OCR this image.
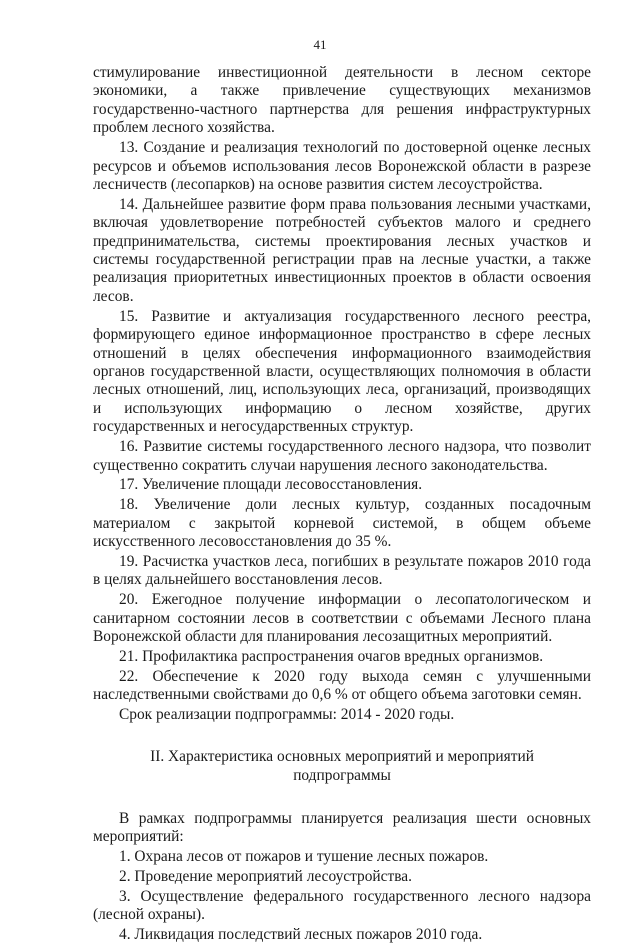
41

стимулирование инвестиционной деятельности в лесном секторе экономики, а также привлечение существующих механизмов государственно-частного партнерства для решения инфраструктурных проблем лесного хозяйства.

13. Создание и реализация технологий по достоверной оценке лесных ресурсов и объемов использования лесов Воронежской области в разрезе лесничеств (лесопарков) на основе развития систем лесоустройства.

14. Дальнейшее развитие форм права пользования лесными участками, включая удовлетворение потребностей субъектов малого и среднего предпринимательства, системы проектирования лесных участков и системы государственной регистрации прав на лесные участки, а также реализация приоритетных инвестиционных проектов в области освоения лесов.

15. Развитие и актуализация государственного лесного реестра, формирующего единое информационное пространство в сфере лесных отношений в целях обеспечения информационного взаимодействия органов государственной власти, осуществляющих полномочия в области лесных отношений, лиц, использующих леса, организаций, производящих и использующих информацию о лесном хозяйстве, других государственных и негосударственных структур.

16. Развитие системы государственного лесного надзора, что позволит существенно сократить случаи нарушения лесного законодательства.

17. Увеличение площади лесовосстановления.

18. Увеличение доли лесных культур, созданных посадочным материалом с закрытой корневой системой, в общем объеме искусственного лесовосстановления до 35 %.

19. Расчистка участков леса, погибших в результате пожаров 2010 года в целях дальнейшего восстановления лесов.

20. Ежегодное получение информации о лесопатологическом и санитарном состоянии лесов в соответствии с объемами Лесного плана Воронежской области для планирования лесозащитных мероприятий.

21. Профилактика распространения очагов вредных организмов.

22. Обеспечение к 2020 году выхода семян с улучшенными наследственными свойствами до 0,6 % от общего объема заготовки семян.

Срок реализации подпрограммы: 2014 - 2020 годы.

II. Характеристика основных мероприятий и мероприятий подпрограммы

В рамках подпрограммы планируется реализация шести основных мероприятий:

1. Охрана лесов от пожаров и тушение лесных пожаров.

2. Проведение мероприятий лесоустройства.

3. Осуществление федерального государственного лесного надзора (лесной охраны).

4. Ликвидация последствий лесных пожаров 2010 года.
